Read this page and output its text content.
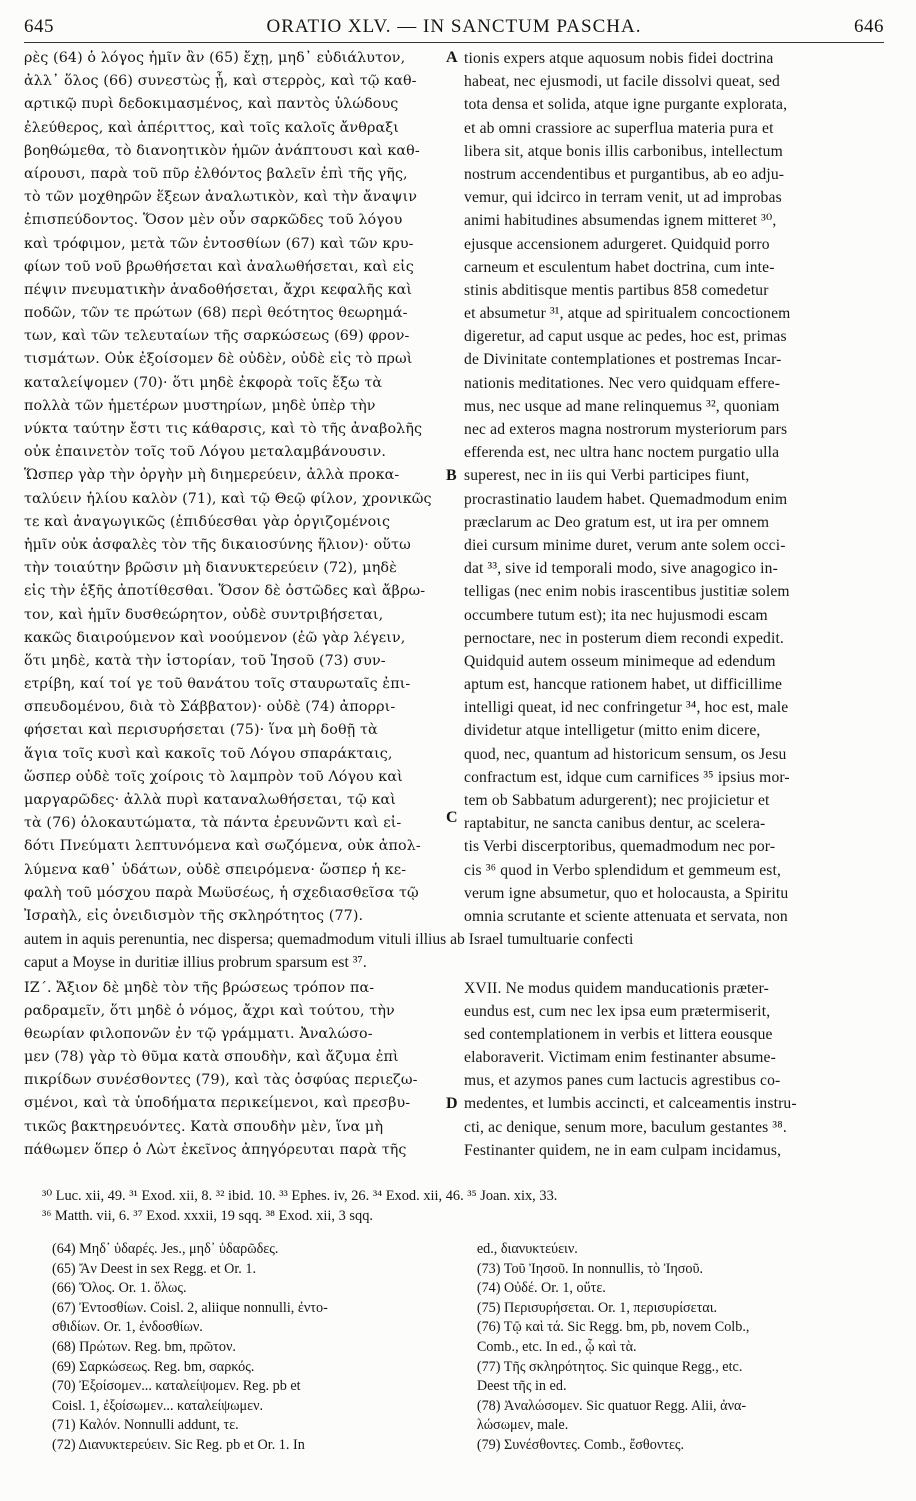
645	ORATIO XLV. — IN SANCTUM PASCHA.	646
ρὲς (64) ὁ λόγος ἡμῖν ἂν (65) ἔχῃ, μηδ᾽ εὐδιάλυτον,
ἀλλ᾽ ὅλος (66) συνεστὼς ᾖ, καὶ στερρὸς, καὶ τῷ καθ-
αρτικῷ πυρὶ δεδοκιμασμένος, καὶ παντὸς ὑλώδους
ἐλεύθερος, καὶ ἀπέριττος, καὶ τοῖς καλοῖς ἄνθραξι
βοηθώμεθα, τὸ διανοητικὸν ἡμῶν ἀνάπτουσι καὶ καθ-
αίρουσι, παρὰ τοῦ πῦρ ἐλθόντος βαλεῖν ἐπὶ τῆς γῆς,
τὸ τῶν μοχθηρῶν ἕξεων ἀναλωτικὸν, καὶ τὴν ἄναψιν
ἐπισπεύδοντος. Ὅσον μὲν οὖν σαρκῶδες τοῦ λόγου
καὶ τρόφιμον, μετὰ τῶν ἐντοσθίων (67) καὶ τῶν κρυ-
φίων τοῦ νοῦ βρωθήσεται καὶ ἀναλωθήσεται, καὶ εἰς
πέψιν πνευματικὴν ἀναδοθήσεται, ἄχρι κεφαλῆς καὶ
ποδῶν, τῶν τε πρώτων (68) περὶ θεότητος θεωρημά-
των, καὶ τῶν τελευταίων τῆς σαρκώσεως (69) φρον-
τισμάτων. Οὐκ ἐξοίσομεν δὲ οὐδὲν, οὐδὲ εἰς τὸ πρωὶ
καταλείψομεν (70)· ὅτι μηδὲ ἐκφορὰ τοῖς ἔξω τὰ
πολλὰ τῶν ἡμετέρων μυστηρίων, μηδὲ ὑπὲρ τὴν
νύκτα ταύτην ἔστι τις κάθαρσις, καὶ τὸ τῆς ἀναβολῆς
οὐκ ἐπαινετὸν τοῖς τοῦ Λόγου μεταλαμβάνουσιν.
Ὥσπερ γὰρ τὴν ὀργὴν μὴ διημερεύειν, ἀλλὰ προκα-
ταλύειν ἡλίου καλὸν (71), καὶ τῷ Θεῷ φίλον, χρονικῶς
τε καὶ ἀναγωγικῶς (ἐπιδύεσθαι γὰρ ὀργιζομένοις
ἡμῖν οὐκ ἀσφαλὲς τὸν τῆς δικαιοσύνης ἥλιον)· οὕτω
τὴν τοιαύτην βρῶσιν μὴ διανυκτερεύειν (72), μηδὲ
εἰς τὴν ἑξῆς ἀποτίθεσθαι. Ὅσον δὲ ὀστῶδες καὶ ἄβρω-
τον, καὶ ἡμῖν δυσθεώρητον, οὐδὲ συντριβήσεται,
κακῶς διαιρούμενον καὶ νοούμενον (ἐῶ γὰρ λέγειν,
ὅτι μηδὲ, κατὰ τὴν ἱστορίαν, τοῦ Ἰησοῦ (73) συν-
ετρίβη, καί τοί γε τοῦ θανάτου τοῖς σταυρωταῖς ἐπι-
σπευδομένου, διὰ τὸ Σάββατον)· οὐδὲ (74) ἀπορρι-
φήσεται καὶ περισυρήσεται (75)· ἵνα μὴ δοθῇ τὰ
ἅγια τοῖς κυσὶ καὶ κακοῖς τοῦ Λόγου σπαράκταις,
ὥσπερ οὐδὲ τοῖς χοίροις τὸ λαμπρὸν τοῦ Λόγου καὶ
μαργαρῶδες· ἀλλὰ πυρὶ καταναλωθήσεται, τῷ καὶ
τὰ (76) ὁλοκαυτώματα, τὰ πάντα ἐρευνῶντι καὶ εἰ-
δότι Πνεύματι λεπτυνόμενα καὶ σωζόμενα, οὐκ ἀπολ-
λύμενα καθ᾽ ὑδάτων, οὐδὲ σπειρόμενα· ὥσπερ ἡ κε-
φαλὴ τοῦ μόσχου παρὰ Μωϋσέως, ἡ σχεδιασθεῖσα τῷ
Ἰσραὴλ, εἰς ὀνειδισμὸν τῆς σκληρότητος (77).
A
B
C
tionis expers atque aquosum nobis fidei doctrina
habeat, nec ejusmodi, ut facile dissolvi queat, sed
tota densa et solida, atque igne purgante explorata,
et ab omni crassiore ac superflua materia pura et
libera sit, atque bonis illis carbonibus, intellectum
nostrum accendentibus et purgantibus, ab eo adju-
vemur, qui idcirco in terram venit, ut ad improbas
animi habitudines absumendas ignem mitteret ³⁰,
ejusque accensionem adurgeret. Quidquid porro
carneum et esculentum habet doctrina, cum inte-
stinis abditisque mentis partibus 858 comedetur
et absumetur ³¹, atque ad spiritualem concoctionem
digeretur, ad caput usque ac pedes, hoc est, primas
de Divinitate contemplationes et postremas Incar-
nationis meditationes. Nec vero quidquam effere-
mus, nec usque ad mane relinquemus ³², quoniam
nec ad exteros magna nostrorum mysteriorum pars
efferenda est, nec ultra hanc noctem purgatio ulla
superest, nec in iis qui Verbi participes fiunt,
procrastinatio laudem habet. Quemadmodum enim
præclarum ac Deo gratum est, ut ira per omnem
diei cursum minime duret, verum ante solem occi-
dat ³³, sive id temporali modo, sive anagogico in-
telligas (nec enim nobis irascentibus justitiæ solem
occumbere tutum est); ita nec hujusmodi escam
pernoctare, nec in posterum diem recondi expedit.
Quidquid autem osseum minimeque ad edendum
aptum est, hancque rationem habet, ut difficillime
intelligi queat, id nec confringetur ³⁴, hoc est, male
dividetur atque intelligetur (mitto enim dicere,
quod, nec, quantum ad historicum sensum, os Jesu
confractum est, idque cum carnifices ³⁵ ipsius mor-
tem ob Sabbatum adurgerent); nec projicietur et
raptabitur, ne sancta canibus dentur, ac scelera-
tis Verbi discerptoribus, quemadmodum nec por-
cis ³⁶ quod in Verbo splendidum et gemmeum est,
verum igne absumetur, quo et holocausta, a Spiritu
omnia scrutante et sciente attenuata et servata, non
autem in aquis perenuntia, nec dispersa; quemadmodum vituli illius ab Israel tumultuarie confecti
caput a Moyse in duritiæ illius probrum sparsum est ³⁷.
ΙΖ΄. Ἄξιον δὲ μηδὲ τὸν τῆς βρώσεως τρόπον πα-
ραδραμεῖν, ὅτι μηδὲ ὁ νόμος, ἄχρι καὶ τούτου, τὴν
θεωρίαν φιλοπονῶν ἐν τῷ γράμματι. Ἀναλώσο-
μεν (78) γὰρ τὸ θῦμα κατὰ σπουδὴν, καὶ ἄζυμα ἐπὶ
πικρίδων συνέσθοντες (79), καὶ τὰς ὀσφύας περιεζω-
σμένοι, καὶ τὰ ὑποδήματα περικείμενοι, καὶ πρεσβυ-
τικῶς βακτηρευόντες. Κατὰ σπουδὴν μὲν, ἵνα μὴ
πάθωμεν ὅπερ ὁ Λὼτ ἐκεῖνος ἀπηγόρευται παρὰ τῆς
D
XVII. Ne modus quidem manducationis præter-
eundus est, cum nec lex ipsa eum prætermiserit,
sed contemplationem in verbis et littera eousque
elaboraverit. Victimam enim festinanter absume-
mus, et azymos panes cum lactucis agrestibus co-
medentes, et lumbis accincti, et calceamentis instru-
cti, ac denique, senum more, baculum gestantes ³⁸.
Festinanter quidem, ne in eam culpam incidamus,
³⁰ Luc. xii, 49. ³¹ Exod. xii, 8. ³² ibid. 10. ³³ Ephes. iv, 26. ³⁴ Exod. xii, 46. ³⁵ Joan. xix, 33.
³⁶ Matth. vii, 6. ³⁷ Exod. xxxii, 19 sqq. ³⁸ Exod. xii, 3 sqq.
(64) Μηδ᾽ ὑδαρές. Jes., μηδ᾽ ὑδαρῶδες.
(65) Ἄν Deest in sex Regg. et Or. 1.
(66) Ὅλος. Or. 1. ὅλως.
(67) Ἐντοσθίων. Coisl. 2, aliique nonnulli, ἐντο-
σθιδίων. Or. 1, ἐνδοσθίων.
(68) Πρώτων. Reg. bm, πρῶτον.
(69) Σαρκώσεως. Reg. bm, σαρκός.
(70) Ἐξοίσομεν... καταλείψομεν. Reg. pb et
Coisl. 1, ἐξοίσωμεν... καταλείψωμεν.
(71) Καλόν. Nonnulli addunt, τε.
(72) Διανυκτερεύειν. Sic Reg. pb et Or. 1. In
ed., διανυκτεύειν.
(73) Τοῦ Ἰησοῦ. In nonnullis, τὸ Ἰησοῦ.
(74) Οὐδέ. Or. 1, οὔτε.
(75) Περισυρήσεται. Or. 1, περισυρίσεται.
(76) Τῷ καὶ τά. Sic Regg. bm, pb, novem Colb.,
Comb., etc. In ed., ᾧ καὶ τὰ.
(77) Τῆς σκληρότητος. Sic quinque Regg., etc.
Deest τῆς in ed.
(78) Ἀναλώσομεν. Sic quatuor Regg. Alii, ἀνα-
λώσωμεν, male.
(79) Συνέσθοντες. Comb., ἔσθοντες.
